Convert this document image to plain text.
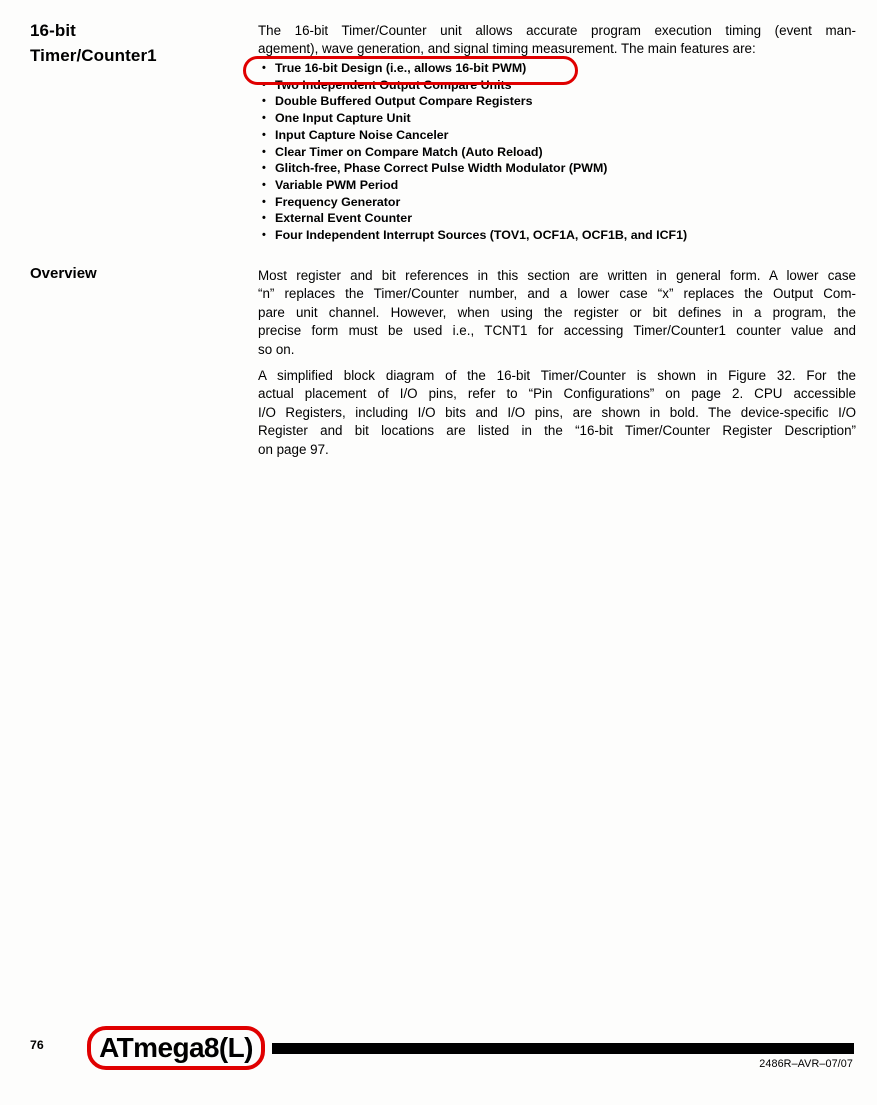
16-bit
Timer/Counter1
The 16-bit Timer/Counter unit allows accurate program execution timing (event man-
agement), wave generation, and signal timing measurement. The main features are:
• True 16-bit Design (i.e., allows 16-bit PWM)
• Two Independent Output Compare Units
• Double Buffered Output Compare Registers
• One Input Capture Unit
• Input Capture Noise Canceler
• Clear Timer on Compare Match (Auto Reload)
• Glitch-free, Phase Correct Pulse Width Modulator (PWM)
• Variable PWM Period
• Frequency Generator
• External Event Counter
• Four Independent Interrupt Sources (TOV1, OCF1A, OCF1B, and ICF1)
Overview	Most register and bit references in this section are written in general form. A lower case
“n” replaces the Timer/Counter number, and a lower case “x” replaces the Output Com-
pare unit channel. However, when using the register or bit defines in a program, the
precise form must be used i.e., TCNT1 for accessing Timer/Counter1 counter value and
so on.
A simplified block diagram of the 16-bit Timer/Counter is shown in Figure 32. For the
actual placement of I/O pins, refer to “Pin Configurations” on page 2. CPU accessible
I/O Registers, including I/O bits and I/O pins, are shown in bold. The device-specific I/O
Register and bit locations are listed in the “16-bit Timer/Counter Register Description”
on page 97.
76 ATmega8(L)
2486R–AVR–07/07
